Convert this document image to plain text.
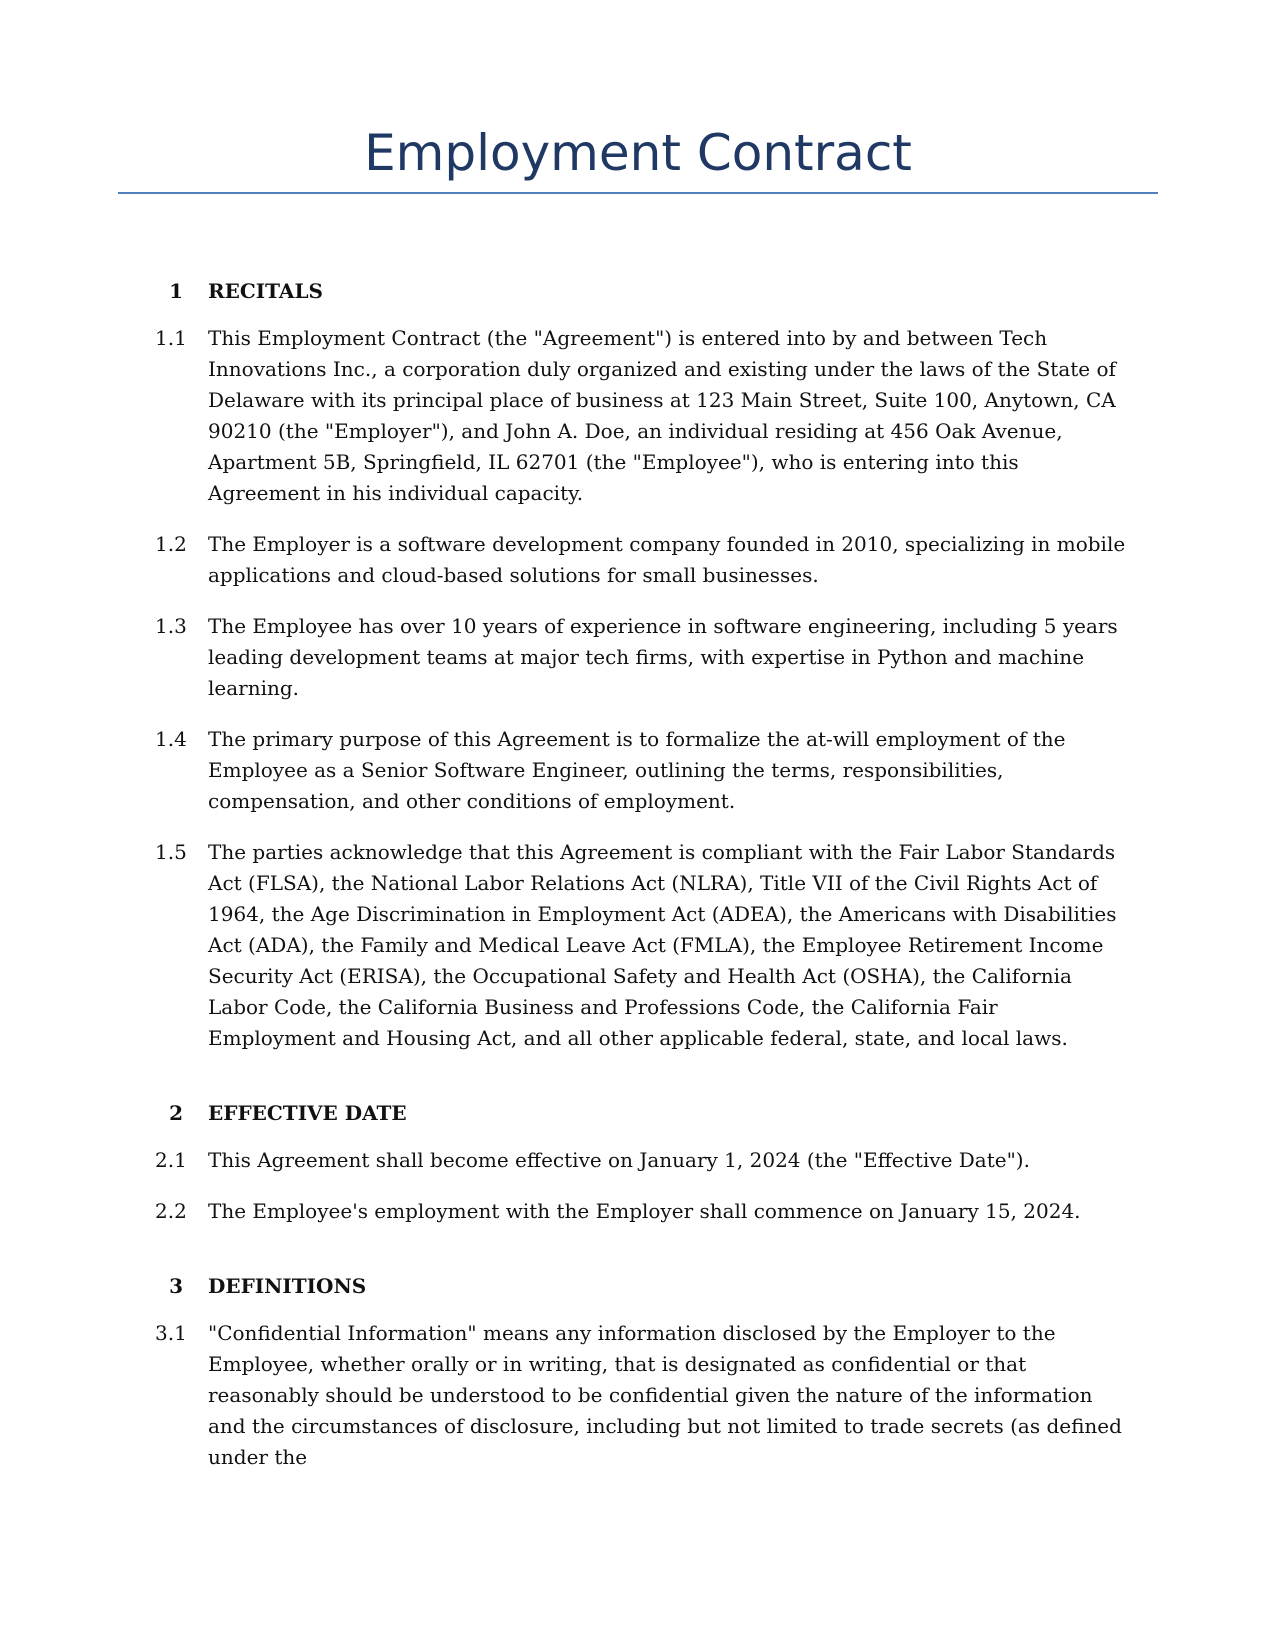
Employment Contract
1 RECITALS
1.1 This Employment Contract (the "Agreement") is entered into by and between Tech Innovations Inc., a corporation duly organized and existing under the laws of the State of Delaware with its principal place of business at 123 Main Street, Suite 100, Anytown, CA 90210 (the "Employer"), and John A. Doe, an individual residing at 456 Oak Avenue, Apartment 5B, Springfield, IL 62701 (the "Employee"), who is entering into this Agreement in his individual capacity.
1.2 The Employer is a software development company founded in 2010, specializing in mobile applications and cloud-based solutions for small businesses.
1.3 The Employee has over 10 years of experience in software engineering, including 5 years leading development teams at major tech firms, with expertise in Python and machine learning.
1.4 The primary purpose of this Agreement is to formalize the at-will employment of the Employee as a Senior Software Engineer, outlining the terms, responsibilities, compensation, and other conditions of employment.
1.5 The parties acknowledge that this Agreement is compliant with the Fair Labor Standards Act (FLSA), the National Labor Relations Act (NLRA), Title VII of the Civil Rights Act of 1964, the Age Discrimination in Employment Act (ADEA), the Americans with Disabilities Act (ADA), the Family and Medical Leave Act (FMLA), the Employee Retirement Income Security Act (ERISA), the Occupational Safety and Health Act (OSHA), the California Labor Code, the California Business and Professions Code, the California Fair Employment and Housing Act, and all other applicable federal, state, and local laws.
2 EFFECTIVE DATE
2.1 This Agreement shall become effective on January 1, 2024 (the "Effective Date").
2.2 The Employee's employment with the Employer shall commence on January 15, 2024.
3 DEFINITIONS
3.1 "Confidential Information" means any information disclosed by the Employer to the Employee, whether orally or in writing, that is designated as confidential or that reasonably should be understood to be confidential given the nature of the information and the circumstances of disclosure, including but not limited to trade secrets (as defined under the
